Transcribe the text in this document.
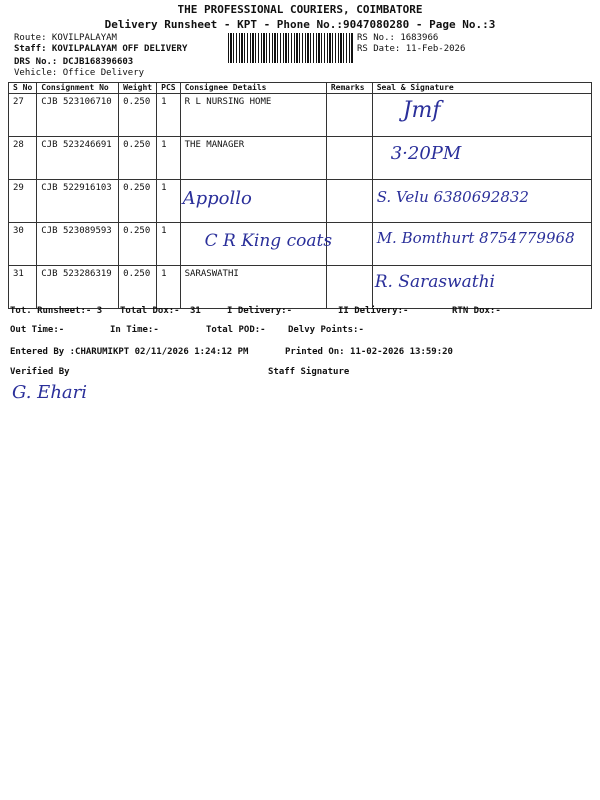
THE PROFESSIONAL COURIERS, COIMBATORE
Delivery Runsheet - KPT - Phone No.:9047080280 - Page No.:3
Route: KOVILPALAYAM
Staff: KOVILPALAYAM OFF DELIVERY
DRS No.: DCJB168396603
Vehicle: Office Delivery
RS No.: 1683966
RS Date: 11-Feb-2026
S No	Consignment No	Weight	PCS	Consignee Details	Remarks	Seal & Signature
27	CJB 523106710	0.250	1	R L NURSING HOME		Jmf

28	CJB 523246691	0.250	1	THE MANAGER		3·20PM

29	CJB 522916103	0.250	1	Appollo		S. Velu 6380692832

30	CJB 523089593	0.250	1	C R King coats		M. Bomthurt 8754779968

31	CJB 523286319	0.250	1	SARASWATHI		R. Saraswathi
Tot. Runsheet:- 3 Total Dox:- 31	I Delivery:-	II Delivery:-	RTN Dox:-
Out Time:-	In Time:-	Total POD:- Delvy Points:-
Entered By :CHARUMIKPT 02/11/2026 1:24:12 PM	Printed On: 11-02-2026 13:59:20
Verified By	Staff Signature
G. Ehari
